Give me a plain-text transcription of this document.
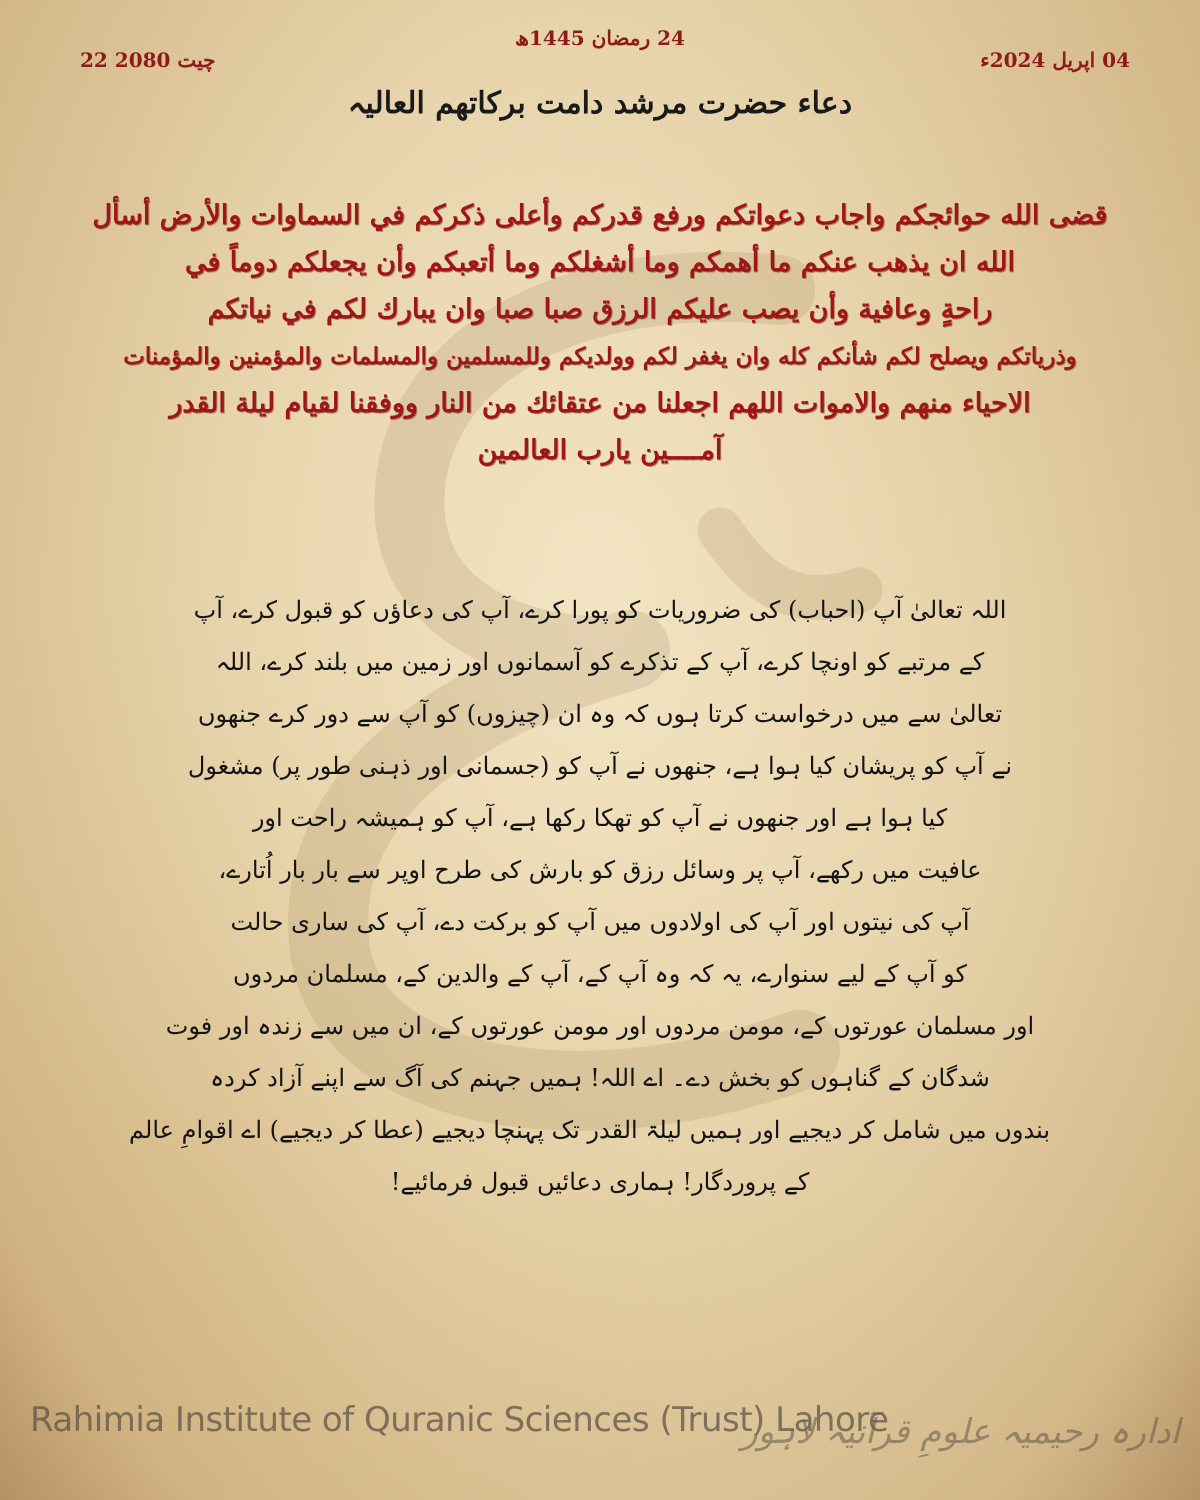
22 چیت 2080	04 اپریل 2024ء
24 رمضان 1445ھ
دعاء حضرت مرشد دامت برکاتھم العالیہ
قضى الله حوائجكم واجاب دعواتكم ورفع قدركم وأعلى ذكركم في السماوات والأرض أسأل
الله ان يذهب عنكم ما أهمكم وما أشغلكم وما أتعبكم وأن يجعلكم دوماً في
راحةٍ وعافية وأن يصب عليكم الرزق صبا صبا وان يبارك لكم في نياتكم
وذرياتكم ويصلح لكم شأنكم كله وان يغفر لكم وولديكم وللمسلمين والمسلمات والمؤمنين والمؤمنات
الاحياء منهم والاموات اللهم اجعلنا من عتقائك من النار ووفقنا لقيام ليلة القدر
آمــــين يارب العالمين
اللہ تعالیٰ آپ (احباب) کی ضروریات کو پورا کرے، آپ کی دعاؤں کو قبول کرے، آپ
کے مرتبے کو اونچا کرے، آپ کے تذکرے کو آسمانوں اور زمین میں بلند کرے، اللہ
تعالیٰ سے میں درخواست کرتا ہوں کہ وہ ان (چیزوں) کو آپ سے دور کرے جنھوں
نے آپ کو پریشان کیا ہوا ہے، جنھوں نے آپ کو (جسمانی اور ذہنی طور پر) مشغول
کیا ہوا ہے اور جنھوں نے آپ کو تھکا رکھا ہے، آپ کو ہمیشہ راحت اور
عافیت میں رکھے، آپ پر وسائل رزق کو بارش کی طرح اوپر سے بار بار اُتارے،
آپ کی نیتوں اور آپ کی اولادوں میں آپ کو برکت دے، آپ کی ساری حالت
کو آپ کے لیے سنوارے، یہ کہ وہ آپ کے، آپ کے والدین کے، مسلمان مردوں
اور مسلمان عورتوں کے، مومن مردوں اور مومن عورتوں کے، ان میں سے زندہ اور فوت
شدگان کے گناہوں کو بخش دے۔ اے اللہ! ہمیں جہنم کی آگ سے اپنے آزاد کردہ
بندوں میں شامل کر دیجیے اور ہمیں لیلۃ القدر تک پہنچا دیجیے (عطا کر دیجیے) اے اقوامِ عالم
کے پروردگار! ہماری دعائیں قبول فرمائیے!
Rahimia Institute of Quranic Sciences (Trust) Lahore
ادارہ رحیمیہ علومِ قرآنیہ لاہور
